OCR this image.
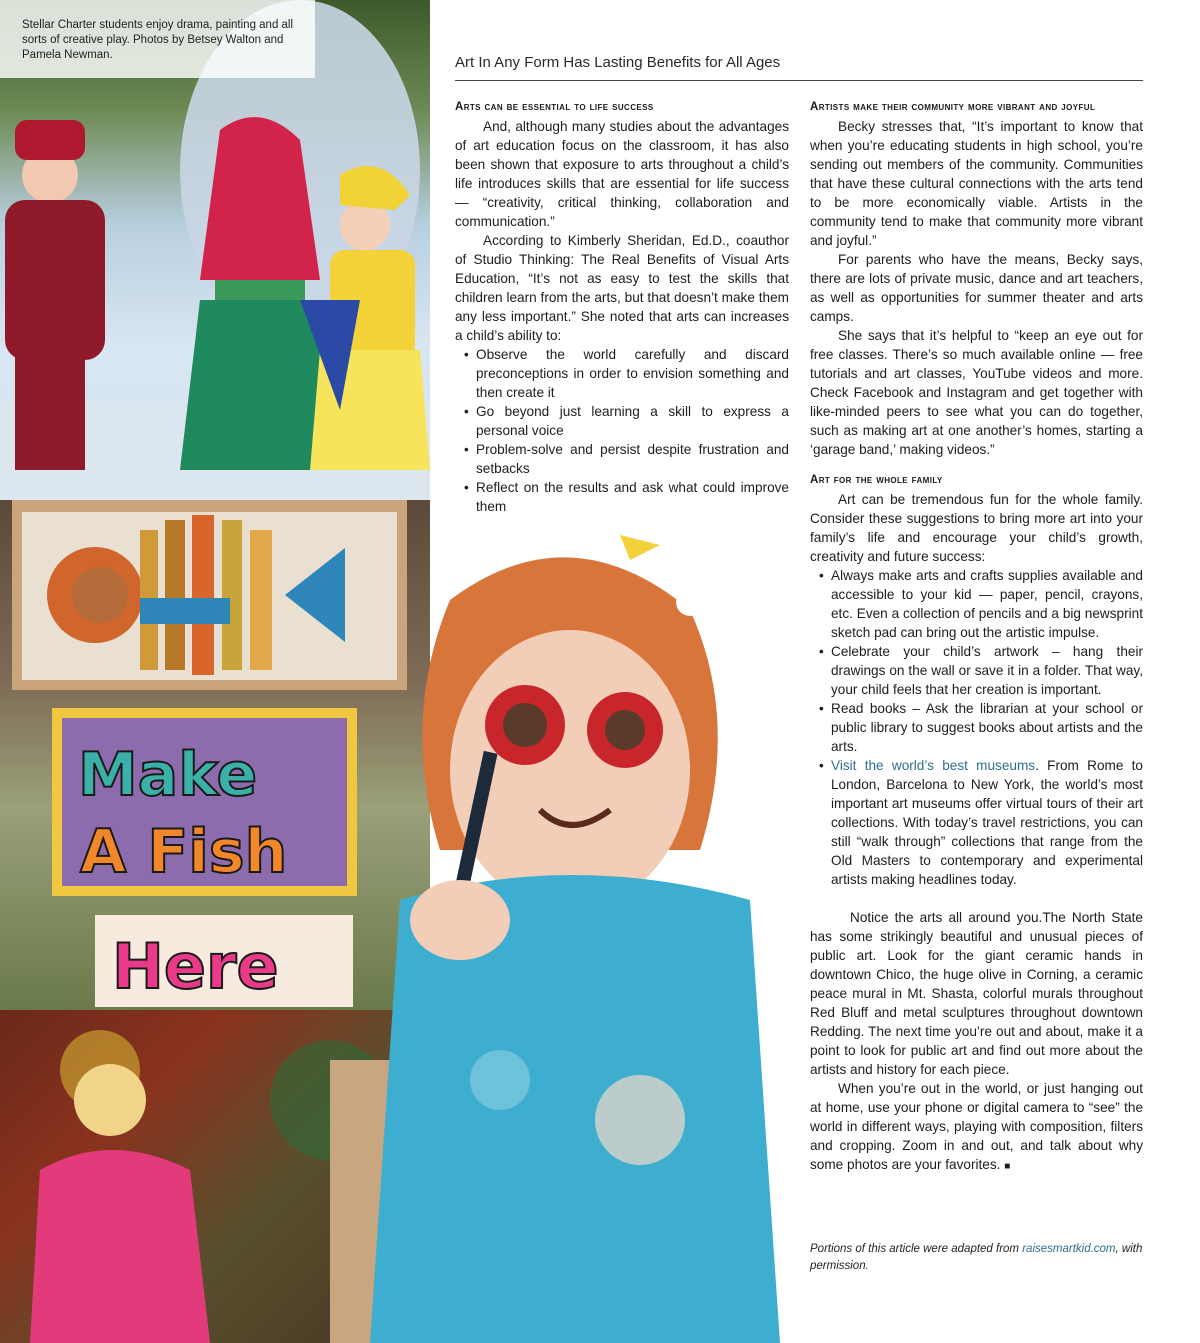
Stellar Charter students enjoy drama, painting and all sorts of creative play. Photos by Betsey Walton and Pamela Newman.
Make
A Fish
Here
Art In Any Form Has Lasting Benefits for All Ages
Arts can be essential to life success

And, although many studies about the advantages of art education focus on the classroom, it has also been shown that exposure to arts throughout a child’s life introduces skills that are essential for life success — “creativity, critical thinking, collaboration and communication.”

According to Kimberly Sheridan, Ed.D., coauthor of Studio Thinking: The Real Benefits of Visual Arts Education, “It’s not as easy to test the skills that children learn from the arts, but that doesn’t make them any less important.” She noted that arts can increases a child’s ability to:

• Observe the world carefully and discard preconceptions in order to envision something and then create it
• Go beyond just learning a skill to express a personal voice
• Problem-solve and persist despite frustration and setbacks
• Reflect on the results and ask what could improve them
Artists make their community more vibrant and joyful

Becky stresses that, “It’s important to know that when you’re educating students in high school, you’re sending out members of the community. Communities that have these cultural connections with the arts tend to be more economically viable. Artists in the community tend to make that community more vibrant and joyful.”

For parents who have the means, Becky says, there are lots of private music, dance and art teachers, as well as opportunities for summer theater and arts camps.

She says that it’s helpful to “keep an eye out for free classes. There’s so much available online — free tutorials and art classes, YouTube videos and more. Check Facebook and Instagram and get together with like-minded peers to see what you can do together, such as making art at one another’s homes, starting a ‘garage band,’ making videos.”

Art for the whole family

Art can be tremendous fun for the whole family. Consider these suggestions to bring more art into your family’s life and encourage your child’s growth, creativity and future success:

• Always make arts and crafts supplies available and accessible to your kid — paper, pencil, crayons, etc. Even a collection of pencils and a big newsprint sketch pad can bring out the artistic impulse.
• Celebrate your child’s artwork – hang their drawings on the wall or save it in a folder. That way, your child feels that her creation is important.
• Read books – Ask the librarian at your school or public library to suggest books about artists and the arts.
• Visit the world’s best museums. From Rome to London, Barcelona to New York, the world’s most important art museums offer virtual tours of their art collections. With today’s travel restrictions, you can still “walk through” collections that range from the Old Masters to contemporary and experimental artists making headlines today.

Notice the arts all around you.The North State has some strikingly beautiful and unusual pieces of public art. Look for the giant ceramic hands in downtown Chico, the huge olive in Corning, a ceramic peace mural in Mt. Shasta, colorful murals throughout Red Bluff and metal sculptures throughout downtown Redding. The next time you’re out and about, make it a point to look for public art and find out more about the artists and history for each piece.

When you’re out in the world, or just hanging out at home, use your phone or digital camera to “see” the world in different ways, playing with composition, filters and cropping. Zoom in and out, and talk about why some photos are your favorites. ■

Portions of this article were adapted from raisesmartkid.com, with permission.
